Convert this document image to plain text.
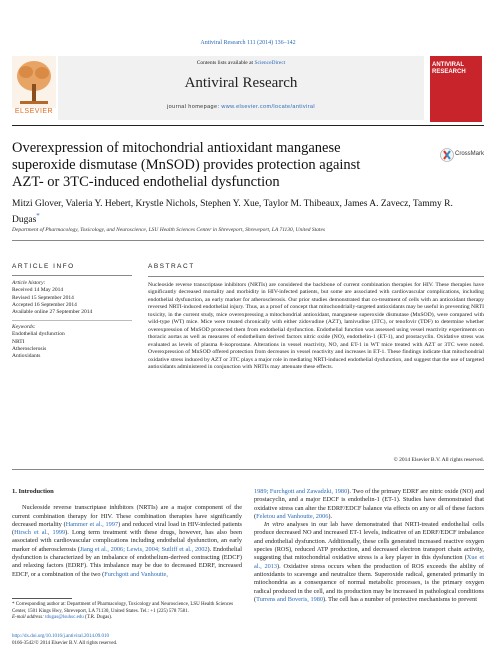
Antiviral Research 111 (2014) 136–142
ELSEVIER
Contents lists available at ScienceDirect
Antiviral Research
journal homepage: www.elsevier.com/locate/antiviral
ANTIVIRAL RESEARCH
Overexpression of mitochondrial antioxidant manganese superoxide dismutase (MnSOD) provides protection against AZT- or 3TC-induced endothelial dysfunction
CrossMark
Mitzi Glover, Valeria Y. Hebert, Krystle Nichols, Stephen Y. Xue, Taylor M. Thibeaux, James A. Zavecz, Tammy R. Dugas*
Department of Pharmacology, Toxicology, and Neuroscience, LSU Health Sciences Center in Shreveport, Shreveport, LA 71130, United States
ARTICLE INFO
Article history:
Received 14 May 2014
Revised 15 September 2014
Accepted 16 September 2014
Available online 27 September 2014
Keywords:
Endothelial dysfunction
NRTI
Atherosclerosis
Antioxidants
ABSTRACT
Nucleoside reverse transcriptase inhibitors (NRTIs) are considered the backbone of current combination therapies for HIV. These therapies have significantly decreased mortality and morbidity in HIV-infected patients, but some are associated with cardiovascular complications, including endothelial dysfunction, an early marker for atherosclerosis. Our prior studies demonstrated that co-treatment of cells with an antioxidant therapy reversed NRTI-induced endothelial injury. Thus, as a proof of concept that mitochondrially-targeted antioxidants may be useful in preventing NRTI toxicity, in the current study, mice overexpressing a mitochondrial antioxidant, manganese superoxide dismutase (MnSOD), were compared with wild-type (WT) mice. Mice were treated chronically with either zidovudine (AZT), lamivudine (3TC), or tenofovir (TDF) to determine whether overexpression of MnSOD protected them from endothelial dysfunction. Endothelial function was assessed using vessel reactivity experiments on thoracic aortas as well as measures of endothelium derived factors nitric oxide (NO), endothelin-1 (ET-1), and prostacyclin. Oxidative stress was evaluated as levels of plasma 8-isoprostane. Alterations in vessel reactivity, NO, and ET-1 in WT mice treated with AZT or 3TC were noted. Overexpression of MnSOD offered protection from decreases in vessel reactivity and increases in ET-1. These findings indicate that mitochondrial oxidative stress induced by AZT or 3TC plays a major role in mediating NRTI-induced endothelial dysfunction, and suggest that the use of targeted antioxidants administered in conjunction with NRTIs may attenuate these effects.
© 2014 Elsevier B.V. All rights reserved.
1. Introduction

Nucleoside reverse transcriptase inhibitors (NRTIs) are a major component of the current combination therapy for HIV. These combination therapies have significantly decreased mortality (Hammer et al., 1997) and reduced viral load in HIV-infected patients (Hirsch et al., 1999). Long term treatment with these drugs, however, has also been associated with cardiovascular complications including endothelial dysfunction, an early marker of atherosclerosis (Jiang et al., 2006; Lewis, 2004; Sutliff et al., 2002). Endothelial dysfunction is characterized by an imbalance of endothelium-derived contracting (EDCF) and relaxing factors (EDRF). This imbalance may be due to decreased EDRF, increased EDCF, or a combination of the two (Furchgott and Vanhoutte,

1989; Furchgott and Zawadzki, 1980). Two of the primary EDRF are nitric oxide (NO) and prostacyclin, and a major EDCF is endothelin-1 (ET-1). Studies have demonstrated that oxidative stress can alter the EDRF/EDCF balance via effects on any or all of these factors (Feletou and Vanhoutte, 2006).

In vitro analyses in our lab have demonstrated that NRTI-treated endothelial cells produce decreased NO and increased ET-1 levels, indicative of an EDRF/EDCF imbalance and endothelial dysfunction. Additionally, these cells generated increased reactive oxygen species (ROS), reduced ATP production, and decreased electron transport chain activity, suggesting that mitochondrial oxidative stress is a key player in this dysfunction (Xue et al., 2013). Oxidative stress occurs when the production of ROS exceeds the ability of antioxidants to scavenge and neutralize them. Superoxide radical, generated primarily in mitochondria as a consequence of normal metabolic processes, is the primary oxygen radical produced in the cell, and its production may be increased in pathological conditions (Turrens and Boveris, 1980). The cell has a number of protective mechanisms to prevent

* Corresponding author at: Department of Pharmacology, Toxicology and Neuroscience, LSU Health Sciences Center, 1501 Kings Hwy, Shreveport, LA 71130, United States. Tel.: +1 (225) 578 7581.
E-mail address: tdugas@lsuhsc.edu (T.R. Dugas).
http://dx.doi.org/10.1016/j.antiviral.2014.09.010
0166-3542/© 2014 Elsevier B.V. All rights reserved.
